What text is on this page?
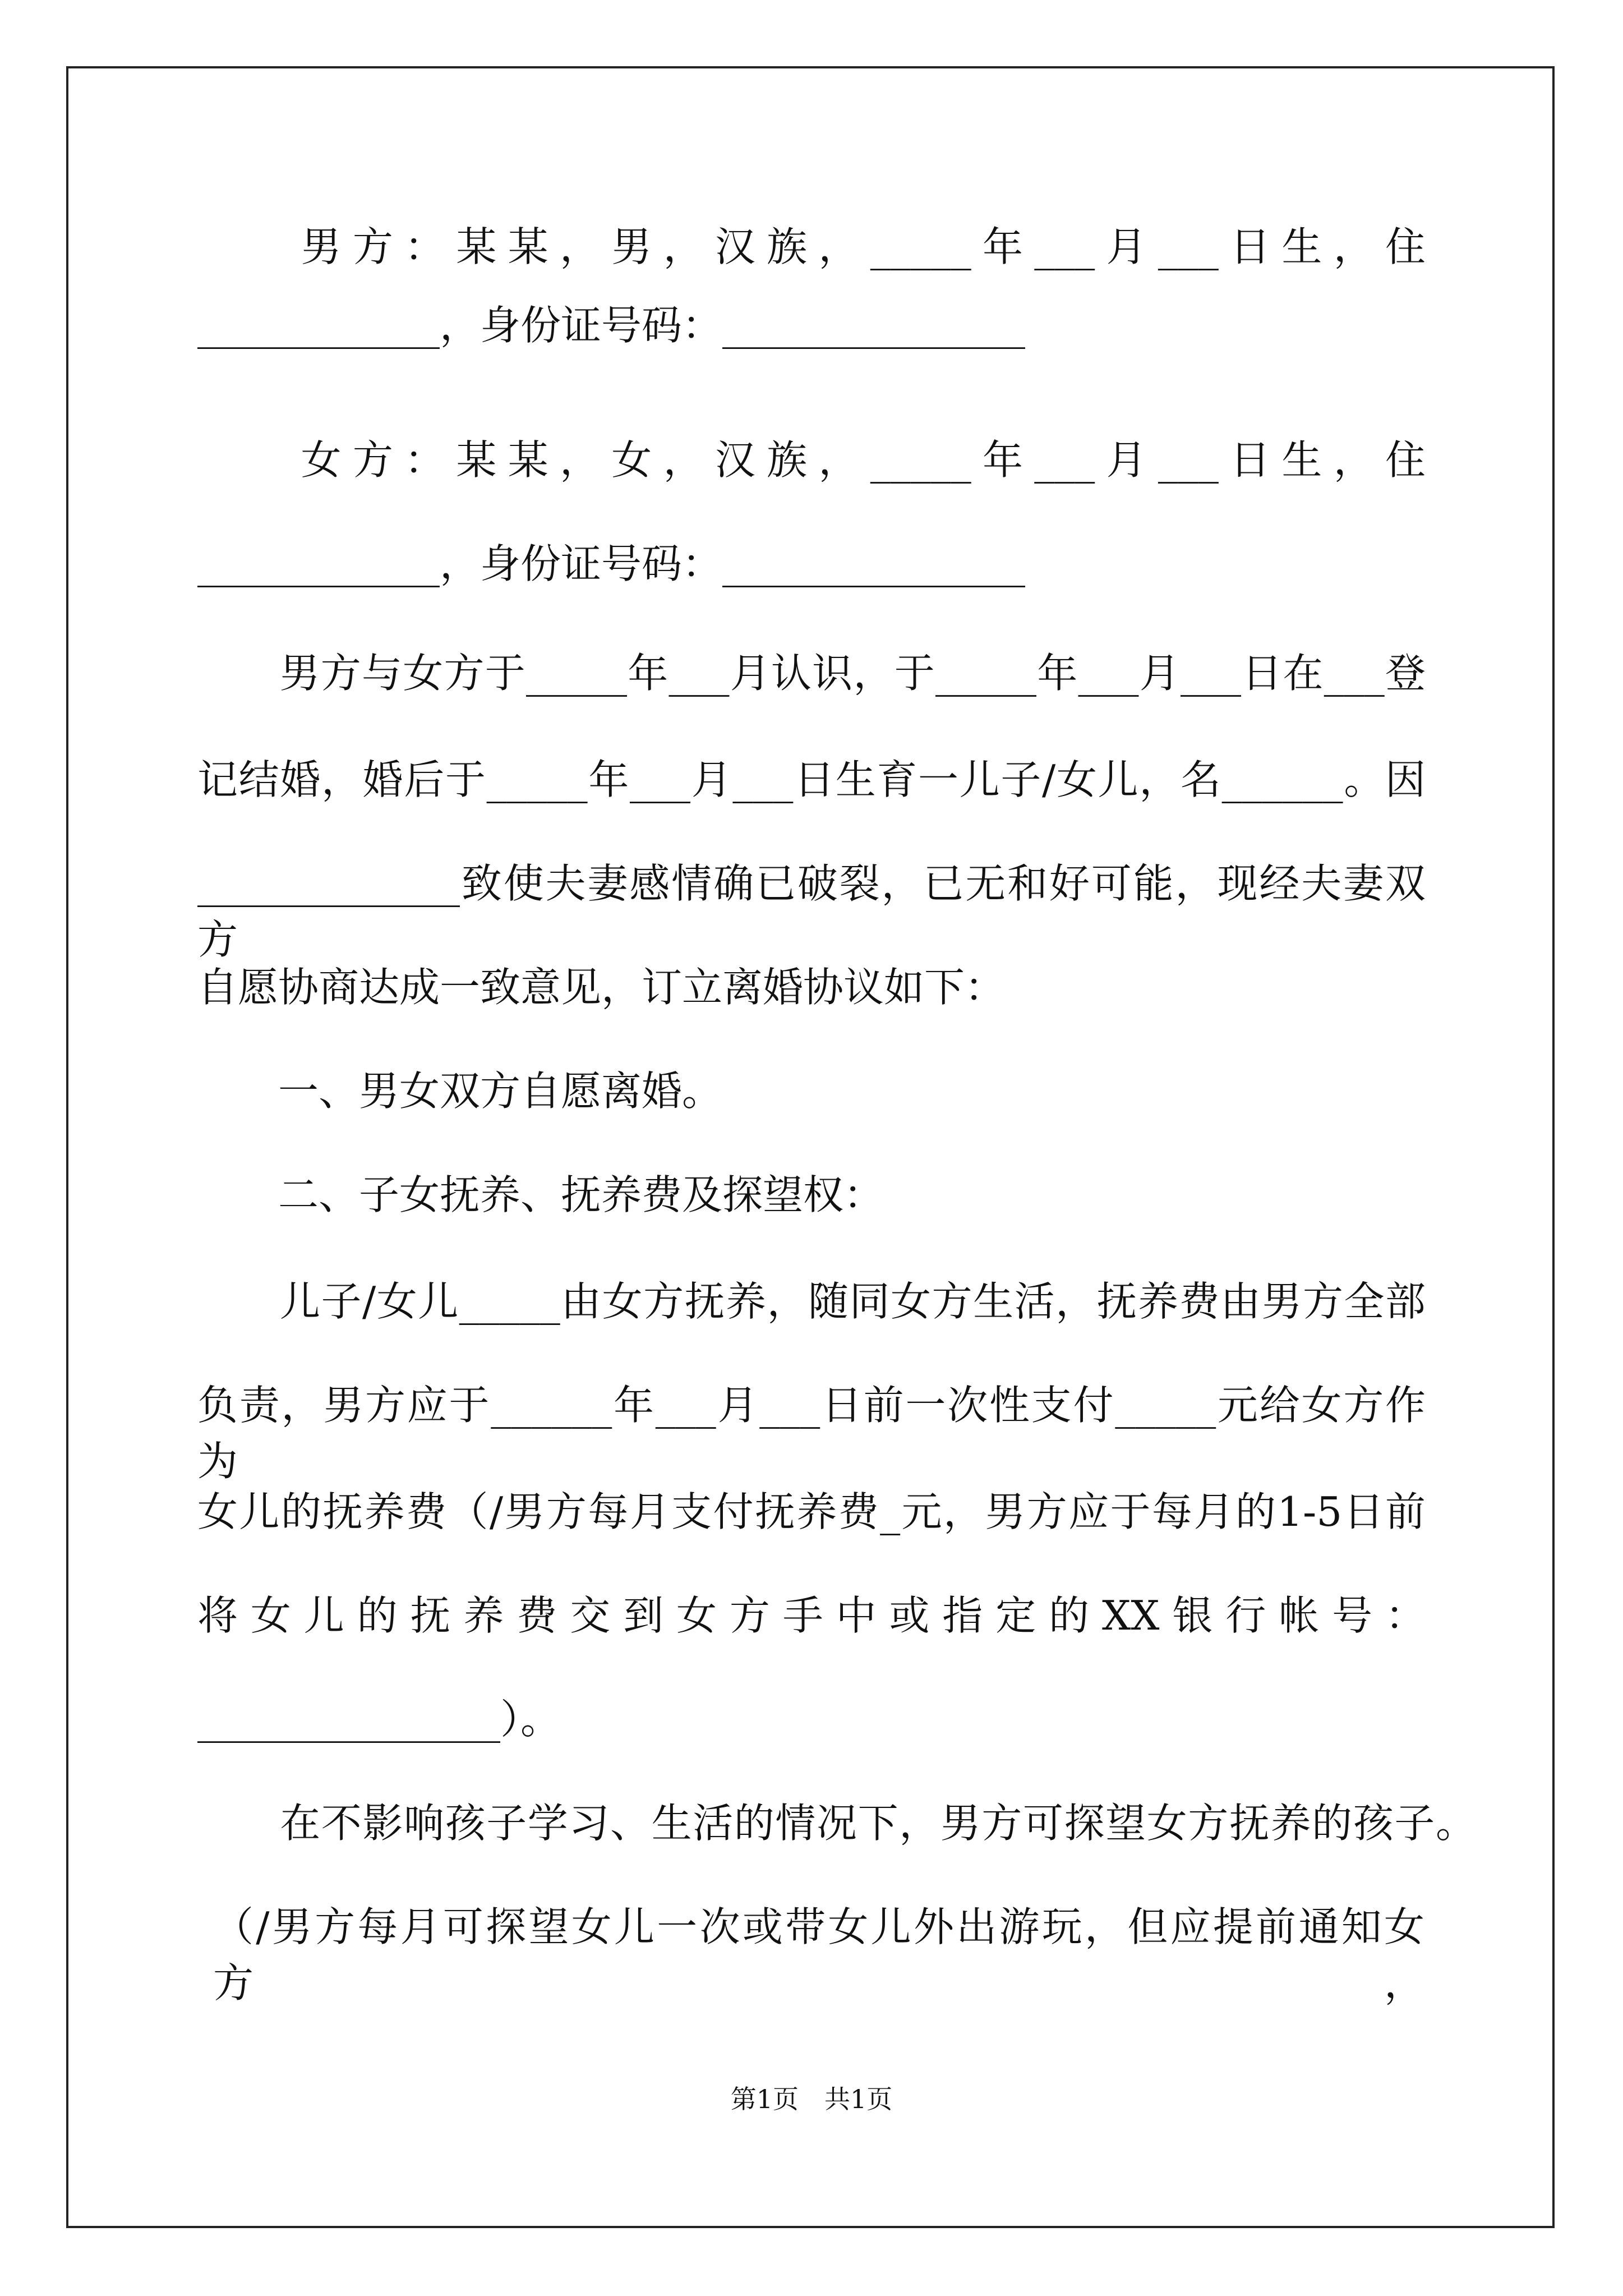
　　男方：某某，男，汉族，_____年___月___日生，住
____________，身份证号码：_______________
　　女方：某某，女，汉族，_____年___月___日生，住
____________，身份证号码：_______________
　　男方与女方于_____年___月认识，于_____年___月___日在___登
记结婚，婚后于_____年___月___日生育一儿子/女儿，名______。因
_____________致使夫妻感情确已破裂，已无和好可能，现经夫妻双方
自愿协商达成一致意见，订立离婚协议如下：
　　一、男女双方自愿离婚。
　　二、子女抚养、抚养费及探望权：
　　儿子/女儿_____由女方抚养，随同女方生活，抚养费由男方全部
负责，男方应于______年___月___日前一次性支付_____元给女方作为
女儿的抚养费（/男方每月支付抚养费_元，男方应于每月的1-5日前
将女儿的抚养费交到女方手中或指定的XX银行帐号：
_______________）。
　　在不影响孩子学习、生活的情况下，男方可探望女方抚养的孩子。
（/男方每月可探望女儿一次或带女儿外出游玩，但应提前通知女方，
第1页　共1页
